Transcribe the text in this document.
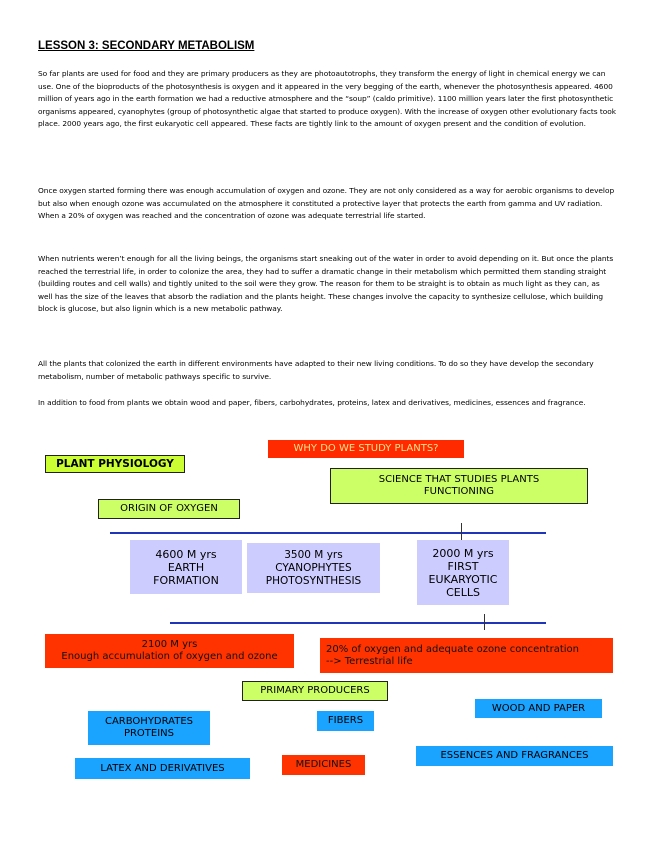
LESSON 3: SECONDARY METABOLISM

So far plants are used for food and they are primary producers as they are photoautotrophs, they transform the energy of light in chemical energy we can use. One of the bioproducts of the photosynthesis is oxygen and it appeared in the very begging of the earth, whenever the photosynthesis appeared. 4600 million of years ago in the earth formation we had a reductive atmosphere and the “soup” (caldo primitive). 1100 million years later the first photosynthetic organisms appeared, cyanophytes (group of photosynthetic algae that started to produce oxygen). With the increase of oxygen other evolutionary facts took place. 2000 years ago, the first eukaryotic cell appeared. These facts are tightly link to the amount of oxygen present and the condition of evolution.

Once oxygen started forming there was enough accumulation of oxygen and ozone. They are not only considered as a way for aerobic organisms to develop but also when enough ozone was accumulated on the atmosphere it constituted a protective layer that protects the earth from gamma and UV radiation. When a 20% of oxygen was reached and the concentration of ozone was adequate terrestrial life started.

When nutrients weren’t enough for all the living beings, the organisms start sneaking out of the water in order to avoid depending on it. But once the plants reached the terrestrial life, in order to colonize the area, they had to suffer a dramatic change in their metabolism which permitted them standing straight (building routes and cell walls) and tightly united to the soil were they grow. The reason for them to be straight is to obtain as much light as they can, as well has the size of the leaves that absorb the radiation and the plants height. These changes involve the capacity to synthesize cellulose, which building block is glucose, but also lignin which is a new metabolic pathway.

All the plants that colonized the earth in different environments have adapted to their new living conditions. To do so they have develop the secondary metabolism, number of metabolic pathways specific to survive.

In addition to food from plants we obtain wood and paper, fibers, carbohydrates, proteins, latex and derivatives, medicines, essences and fragrance.

WHY DO WE STUDY PLANTS?
PLANT PHYSIOLOGY
SCIENCE THAT STUDIES PLANTS
FUNCTIONING
ORIGIN OF OXYGEN
4600 M yrs
EARTH
FORMATION
3500 M yrs
CYANOPHYTES
PHOTOSYNTHESIS
2000 M yrs
FIRST
EUKARYOTIC
CELLS
2100 M yrs
Enough accumulation of oxygen and ozone
20% of oxygen and adequate ozone concentration
--> Terrestrial life
PRIMARY PRODUCERS
WOOD AND PAPER
CARBOHYDRATES
PROTEINS
FIBERS
ESSENCES AND FRAGRANCES
MEDICINES
LATEX AND DERIVATIVES
